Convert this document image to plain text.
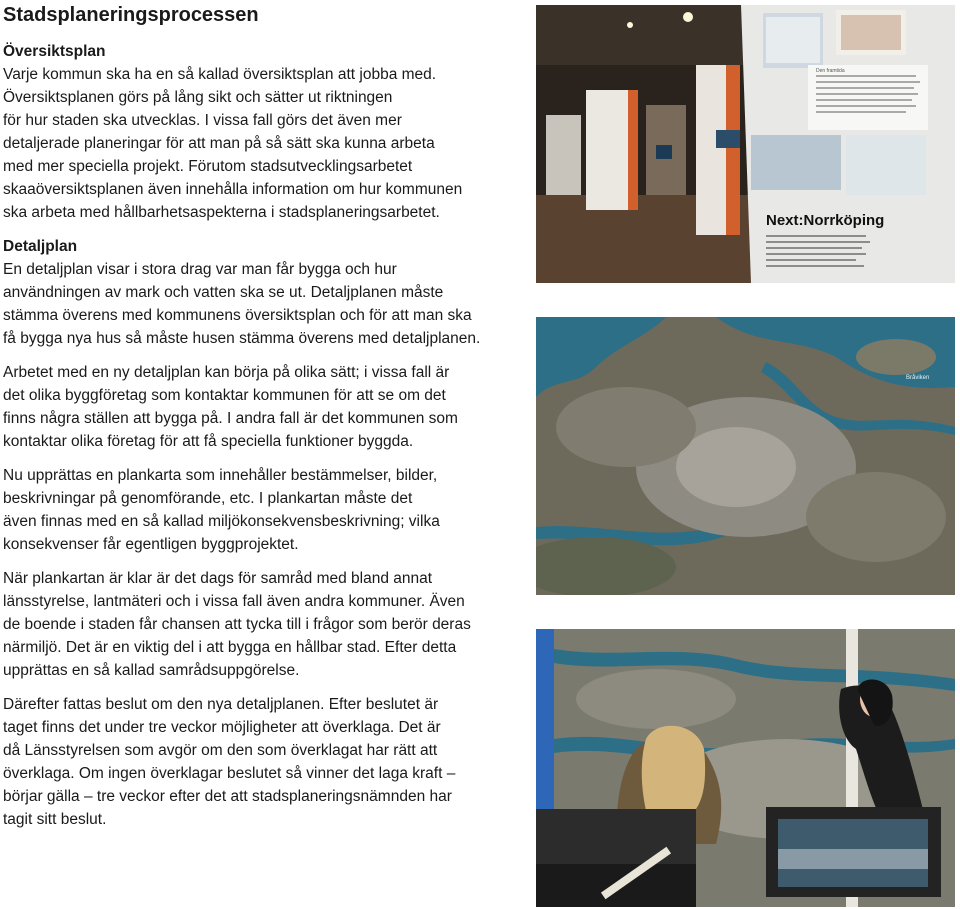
Stadsplaneringsprocessen
Översiktsplan
Varje kommun ska ha en så kallad översiktsplan att jobba med.
Översiktsplanen görs på lång sikt och sätter ut riktningen
för hur staden ska utvecklas. I vissa fall görs det även mer
detaljerade planeringar för att man på så sätt ska kunna arbeta
med mer speciella projekt. Förutom stadsutvecklingsarbetet
skaaöversiktsplanen även innehålla information om hur kommunen
ska arbeta med hållbarhetsaspekterna i stadsplaneringsarbetet.
Detaljplan
En detaljplan visar i stora drag var man får bygga och hur
användningen av mark och vatten ska se ut. Detaljplanen måste
stämma överens med kommunens översiktsplan och för att man ska
få bygga nya hus så måste husen stämma överens med detaljplanen.
Arbetet med en ny detaljplan kan börja på olika sätt; i vissa fall är
det olika byggföretag som kontaktar kommunen för att se om det
finns några ställen att bygga på. I andra fall är det kommunen som
kontaktar olika företag för att få speciella funktioner byggda.
Nu upprättas en plankarta som innehåller bestämmelser, bilder,
beskrivningar på genomförande, etc. I plankartan måste det
även finnas med en så kallad miljökonsekvensbeskrivning; vilka
konsekvenser får egentligen byggprojektet.
När plankartan är klar är det dags för samråd med bland annat
länsstyrelse, lantmäteri och i vissa fall även andra kommuner. Även
de boende i staden får chansen att tycka till i frågor som berör deras
närmiljö. Det är en viktig del i att bygga en hållbar stad. Efter detta
upprättas en så kallad samrådsuppgörelse.
Därefter fattas beslut om den nya detaljplanen. Efter beslutet är
taget finns det under tre veckor möjligheter att överklaga. Det är
då Länsstyrelsen som avgör om den som överklagat har rätt att
överklaga. Om ingen överklagar beslutet så vinner det laga kraft –
börjar gälla – tre veckor efter det att stadsplaneringsnämnden har
tagit sitt beslut.
Next:Norrköping
Den framtida
Bråviken
